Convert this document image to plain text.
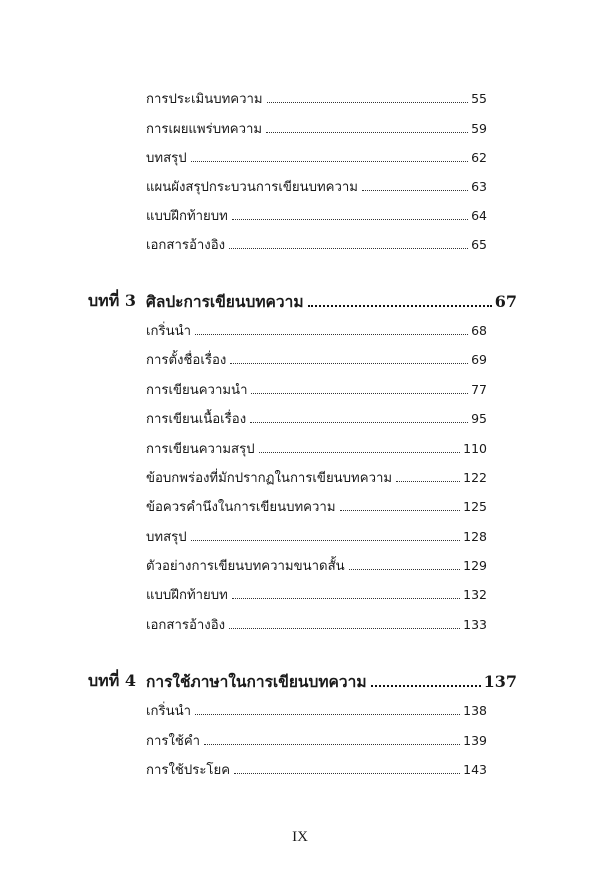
การประเมินบทความ	55
การเผยแพร่บทความ	59
บทสรุป	62
แผนผังสรุปกระบวนการเขียนบทความ	63
แบบฝึกท้ายบท	64
เอกสารอ้างอิง	65
บทที่ 3 ศิลปะการเขียนบทความ	67
เกริ่นนำ	68
การตั้งชื่อเรื่อง	69
การเขียนความนำ	77
การเขียนเนื้อเรื่อง	95
การเขียนความสรุป	110
ข้อบกพร่องที่มักปรากฏในการเขียนบทความ	122
ข้อควรคำนึงในการเขียนบทความ	125
บทสรุป	128
ตัวอย่างการเขียนบทความขนาดสั้น	129
แบบฝึกท้ายบท	132
เอกสารอ้างอิง	133
บทที่ 4 การใช้ภาษาในการเขียนบทความ	137
เกริ่นนำ	138
การใช้คำ	139
การใช้ประโยค	143
IX
